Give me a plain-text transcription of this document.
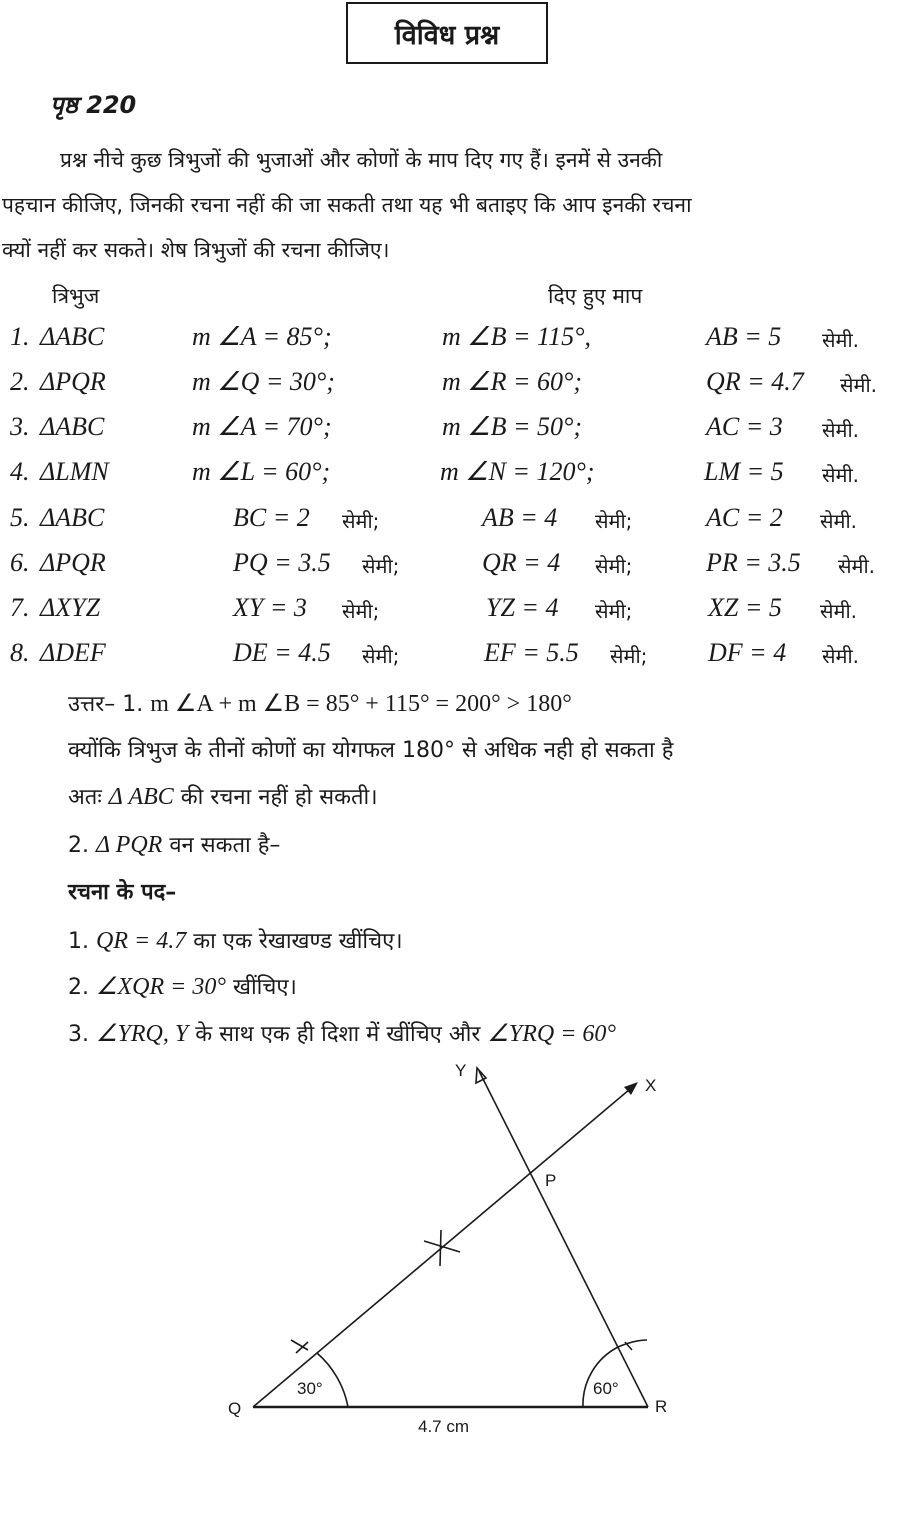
विविध प्रश्न
पृष्ठ 220
प्रश्न नीचे कुछ त्रिभुजों की भुजाओं और कोणों के माप दिए गए हैं। इनमें से उनकी
पहचान कीजिए, जिनकी रचना नहीं की जा सकती तथा यह भी बताइए कि आप इनकी रचना
क्यों नहीं कर सकते। शेष त्रिभुजों की रचना कीजिए।
त्रिभुज	दिए हुए माप
1. ΔABC	m ∠A = 85°;	m ∠B = 115°,	AB = 5 सेमी.
2. ΔPQR	m ∠Q = 30°;	m ∠R = 60°;	QR = 4.7 सेमी.
3. ΔABC	m ∠A = 70°;	m ∠B = 50°;	AC = 3 सेमी.
4. ΔLMN	m ∠L = 60°;	m ∠N = 120°;	LM = 5 सेमी.
5. ΔABC	BC = 2 सेमी;	AB = 4 सेमी;	AC = 2 सेमी.
6. ΔPQR	PQ = 3.5 सेमी;	QR = 4 सेमी;	PR = 3.5 सेमी.
7. ΔXYZ	XY = 3 सेमी;	YZ = 4 सेमी;	XZ = 5 सेमी.
8. ΔDEF	DE = 4.5 सेमी;	EF = 5.5 सेमी; DF = 4 सेमी.
उत्तर– 1. m ∠A + m ∠B = 85° + 115° = 200° > 180°
क्योंकि त्रिभुज के तीनों कोणों का योगफल 180° से अधिक नही हो सकता है
अतः Δ ABC की रचना नहीं हो सकती।
2. Δ PQR वन सकता है–
रचना के पद–
1. QR = 4.7 का एक रेखाखण्ड खींचिए।
2. ∠XQR = 30° खींचिए।
3. ∠YRQ, Y के साथ एक ही दिशा में खींचिए और ∠YRQ = 60°
Q	R
P
X
Y
30°	60°
4.7 cm
